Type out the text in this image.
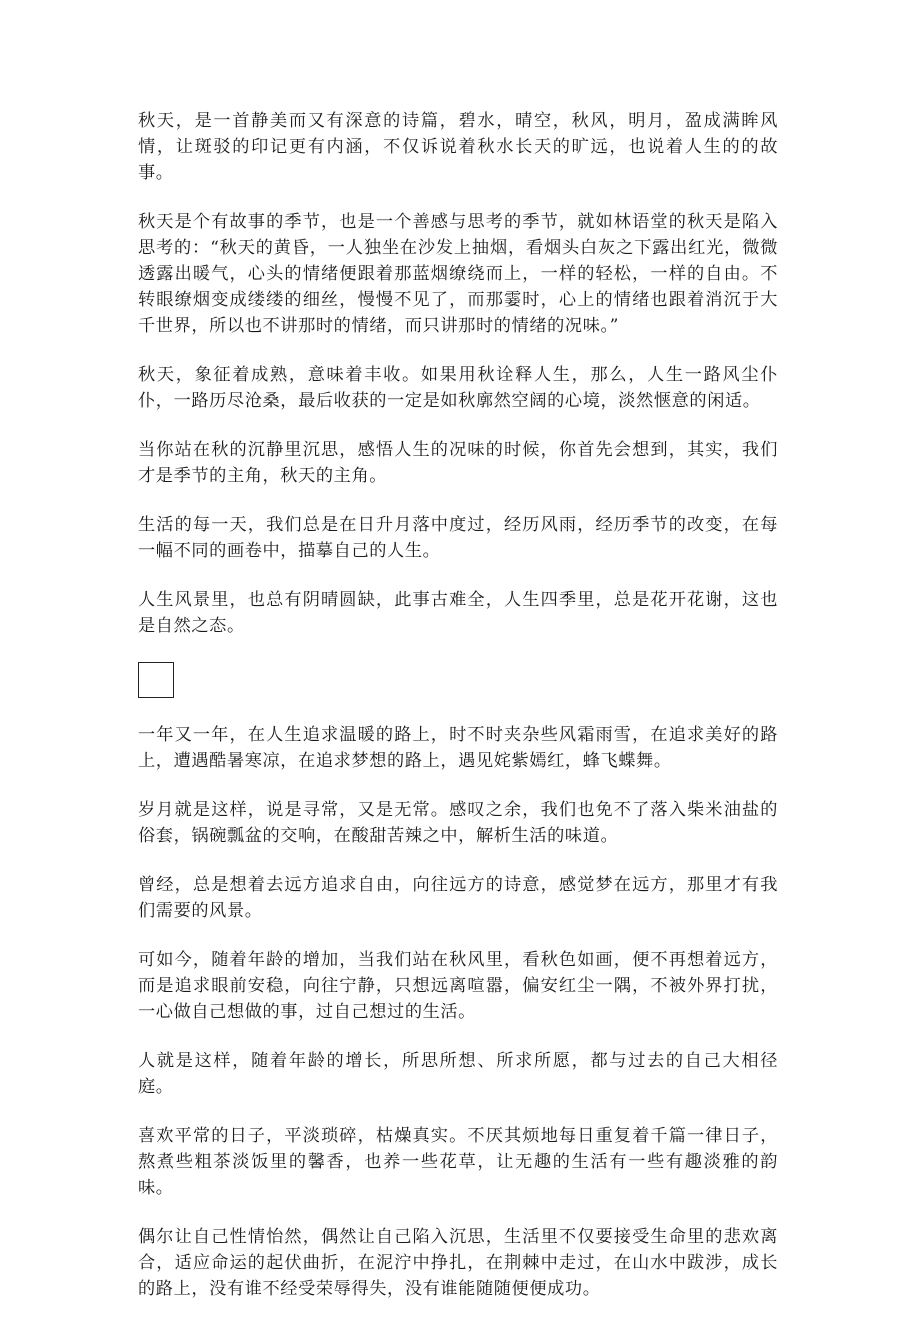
秋天，是一首静美而又有深意的诗篇，碧水，晴空，秋风，明月，盈成满眸风情，让斑驳的印记更有内涵，不仅诉说着秋水长天的旷远，也说着人生的的故事。

秋天是个有故事的季节，也是一个善感与思考的季节，就如林语堂的秋天是陷入思考的：“秋天的黄昏，一人独坐在沙发上抽烟，看烟头白灰之下露出红光，微微透露出暖气，心头的情绪便跟着那蓝烟缭绕而上，一样的轻松，一样的自由。不转眼缭烟变成缕缕的细丝，慢慢不见了，而那霎时，心上的情绪也跟着消沉于大千世界，所以也不讲那时的情绪，而只讲那时的情绪的况味。”

秋天，象征着成熟，意味着丰收。如果用秋诠释人生，那么，人生一路风尘仆仆，一路历尽沧桑，最后收获的一定是如秋廓然空阔的心境，淡然惬意的闲适。

当你站在秋的沉静里沉思，感悟人生的况味的时候，你首先会想到，其实，我们才是季节的主角，秋天的主角。

生活的每一天，我们总是在日升月落中度过，经历风雨，经历季节的改变，在每一幅不同的画卷中，描摹自己的人生。

人生风景里，也总有阴晴圆缺，此事古难全，人生四季里，总是花开花谢，这也是自然之态。

一年又一年，在人生追求温暖的路上，时不时夹杂些风霜雨雪，在追求美好的路上，遭遇酷暑寒凉，在追求梦想的路上，遇见姹紫嫣红，蜂飞蝶舞。

岁月就是这样，说是寻常，又是无常。感叹之余，我们也免不了落入柴米油盐的俗套，锅碗瓢盆的交响，在酸甜苦辣之中，解析生活的味道。

曾经，总是想着去远方追求自由，向往远方的诗意，感觉梦在远方，那里才有我们需要的风景。

可如今，随着年龄的增加，当我们站在秋风里，看秋色如画，便不再想着远方，而是追求眼前安稳，向往宁静，只想远离喧嚣，偏安红尘一隅，不被外界打扰，一心做自己想做的事，过自己想过的生活。

人就是这样，随着年龄的增长，所思所想、所求所愿，都与过去的自己大相径庭。

喜欢平常的日子，平淡琐碎，枯燥真实。不厌其烦地每日重复着千篇一律日子，熬煮些粗茶淡饭里的馨香，也养一些花草，让无趣的生活有一些有趣淡雅的韵味。

偶尔让自己性情怡然，偶然让自己陷入沉思，生活里不仅要接受生命里的悲欢离合，适应命运的起伏曲折，在泥泞中挣扎，在荆棘中走过，在山水中跋涉，成长的路上，没有谁不经受荣辱得失，没有谁能随随便便成功。
